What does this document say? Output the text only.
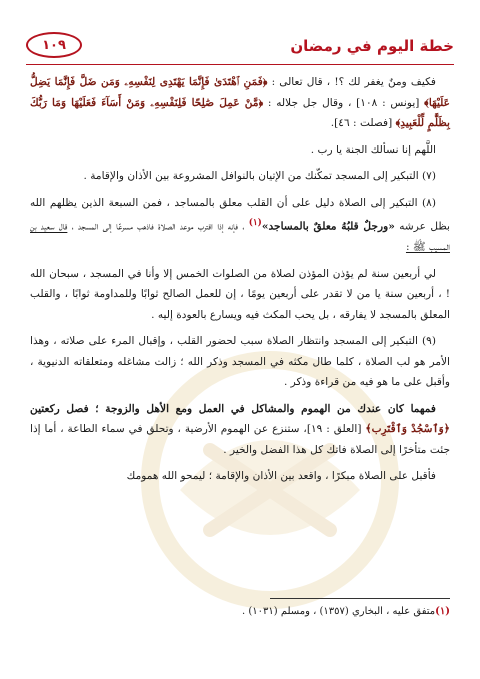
خطة اليوم في رمضان
١٠٩

فكيف ومنٌ يغفر لك ؟! ، قال تعالى : ﴿فَمَنِ ٱهْتَدَىٰ فَإِنَّمَا يَهْتَدِى لِنَفْسِهِۦ وَمَن ضَلَّ فَإِنَّمَا يَضِلُّ عَلَيْهَا﴾ [يونس : ١٠٨] ، وقال جل جلاله : ﴿مَّنْ عَمِلَ صَٰلِحًا فَلِنَفْسِهِۦ وَمَنْ أَسَآءَ فَعَلَيْهَا وَمَا رَبُّكَ بِظَلَّٰمٍ لِّلْعَبِيدِ﴾ [فصلت : ٤٦].

اللَّهم إنا نسألك الجنة يا رب .

(٧) التبكير إلى المسجد تمكّنك من الإتيان بالنوافل المشروعة بين الأذان والإقامة .

(٨) التبكير إلى الصلاة دليل على أن القلب معلق بالمساجد ، فمن السبعة الذين يظلهم الله بظل عرشه «ورجلٌ قلبُهُ معلقٌ بالمساجد»$^{(١)}$ ، فإنه إذا اقترب موعد الصلاة فاذهب مسرعًا إلى المسجد ، قال سعيد بن المسيب ﷺ :

لي أربعين سنة لم يؤذن المؤذن لصلاة من الصلوات الخمس إلا وأنا في المسجد ، سبحان الله ! ، أربعين سنة يا من لا تقدر على أربعين يومًا ، إن للعمل الصالح ثوابًا وللمداومة ثوابًا ، والقلب المعلق بالمسجد لا يفارقه ، بل يحب المكث فيه ويسارع بالعودة إليه .

(٩) التبكير إلى المسجد وانتظار الصلاة سبب لحضور القلب ، وإقبال المرء على صلاته ، وهذا الأمر هو لب الصلاة ، كلما طال مكثه في المسجد وذكر الله ؛ زالت مشاغله ومتعلقاته الدنيوية ، وأقبل على ما هو فيه من قراءة وذكر .

فمهما كان عندك من الهموم والمشاكل في العمل ومع الأهل والزوجة ؛ فصل ركعتين ﴿وَٱسْجُدْ وَٱقْتَرِب﴾ [العلق : ١٩]، ستنزع عن الهموم الأرضية ، وتحلق في سماء الطاعة ، أما إذا جئت متأخرًا إلى الصلاة فاتك كل هذا الفضل والخير .

فأقبل على الصلاة مبكرًا ، واقعد بين الأذان والإقامة ؛ ليمحو الله همومك

(١)متفق عليه ، البخاري (١٣٥٧) ، ومسلم (١٠٣١) .
